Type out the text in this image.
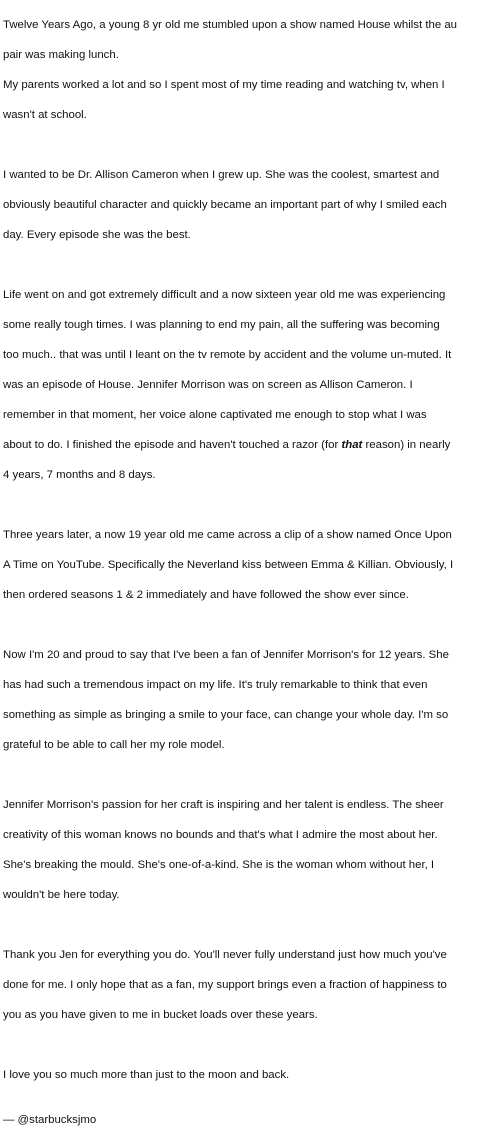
Twelve Years Ago, a young 8 yr old me stumbled upon a show named House whilst the au

pair was making lunch.

My parents worked a lot and so I spent most of my time reading and watching tv, when I

wasn't at school.

I wanted to be Dr. Allison Cameron when I grew up. She was the coolest, smartest and

obviously beautiful character and quickly became an important part of why I smiled each

day. Every episode she was the best.

Life went on and got extremely difficult and a now sixteen year old me was experiencing

some really tough times. I was planning to end my pain, all the suffering was becoming

too much.. that was until I leant on the tv remote by accident and the volume un-muted. It

was an episode of House. Jennifer Morrison was on screen as Allison Cameron. I

remember in that moment, her voice alone captivated me enough to stop what I was

about to do. I finished the episode and haven't touched a razor (for that reason) in nearly

4 years, 7 months and 8 days.

Three years later, a now 19 year old me came across a clip of a show named Once Upon

A Time on YouTube. Specifically the Neverland kiss between Emma & Killian. Obviously, I

then ordered seasons 1 & 2 immediately and have followed the show ever since.

Now I'm 20 and proud to say that I've been a fan of Jennifer Morrison's for 12 years. She

has had such a tremendous impact on my life. It's truly remarkable to think that even

something as simple as bringing a smile to your face, can change your whole day. I'm so

grateful to be able to call her my role model.

Jennifer Morrison's passion for her craft is inspiring and her talent is endless. The sheer

creativity of this woman knows no bounds and that's what I admire the most about her.

She's breaking the mould. She's one-of-a-kind. She is the woman whom without her, I

wouldn't be here today.

Thank you Jen for everything you do. You'll never fully understand just how much you've

done for me. I only hope that as a fan, my support brings even a fraction of happiness to

you as you have given to me in bucket loads over these years.

I love you so much more than just to the moon and back.

— @starbucksjmo
